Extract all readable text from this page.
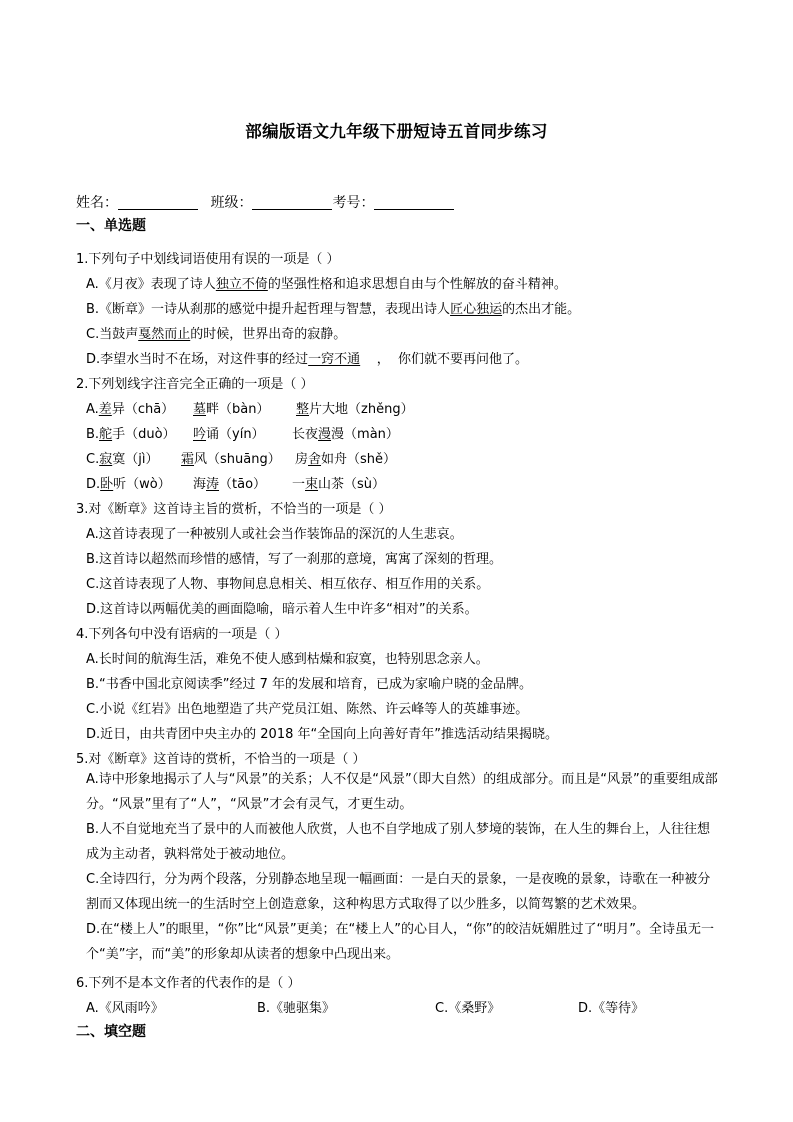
部编版语文九年级下册短诗五首同步练习
姓名：	班级：	考号：
一、单选题
1.下列句子中划线词语使用有误的一项是（ ）
A.《月夜》表现了诗人独立不倚的坚强性格和追求思想自由与个性解放的奋斗精神。
B.《断章》一诗从刹那的感觉中提升起哲理与智慧，表现出诗人匠心独运的杰出才能。
C.当鼓声戛然而止的时候，世界出奇的寂静。
D.李望水当时不在场，对这件事的经过一窍不通    ，  你们就不要再问他了。
2.下列划线字注音完全正确的一项是（ ）
A.差异（chā） 墓畔（bàn） 整片大地（zhěng）
B.舵手（duò） 吟诵（yín） 长夜漫漫（màn）
C.寂寞（jì） 霜风（shuāng） 房舍如舟（shě）
D.卧听（wò） 海涛（tāo） 一束山茶（sù）
3.对《断章》这首诗主旨的赏析，不恰当的一项是（ ）
A.这首诗表现了一种被别人或社会当作装饰品的深沉的人生悲哀。
B.这首诗以超然而珍惜的感情，写了一刹那的意境，寓寓了深刻的哲理。
C.这首诗表现了人物、事物间息息相关、相互依存、相互作用的关系。
D.这首诗以两幅优美的画面隐喻，暗示着人生中许多“相对”的关系。
4.下列各句中没有语病的一项是（ ）
A.长时间的航海生活，难免不使人感到枯燥和寂寞，也特别思念亲人。
B.“书香中国北京阅读季”经过 7 年的发展和培育，已成为家喻户晓的金品牌。
C.小说《红岩》出色地塑造了共产党员江姐、陈然、许云峰等人的英雄事迹。
D.近日，由共青团中央主办的 2018 年“全国向上向善好青年”推选活动结果揭晓。
5.对《断章》这首诗的赏析，不恰当的一项是（ ）
A.诗中形象地揭示了人与“风景”的关系；人不仅是“风景”（即大自然）的组成部分。而且是“风景”的重要组成部分。“风景”里有了“人”，“风景”才会有灵气，才更生动。
B.人不自觉地充当了景中的人而被他人欣赏，人也不自学地成了别人梦境的装饰，在人生的舞台上，人往往想成为主动者，孰料常处于被动地位。
C.全诗四行，分为两个段落，分别静态地呈现一幅画面：一是白天的景象，一是夜晚的景象，诗歌在一种被分割而又体现出统一的生活时空上创造意象，这种构思方式取得了以少胜多，以简驾繁的艺术效果。
D.在“楼上人”的眼里，“你”比“风景”更美；在“楼上人”的心目人，“你”的皎洁妩媚胜过了“明月”。全诗虽无一个“美”字，而“美”的形象却从读者的想象中凸现出来。
6.下列不是本文作者的代表作的是（ ）
A.《风雨吟》	B.《驰驱集》	C.《桑野》	D.《等待》
二、填空题
